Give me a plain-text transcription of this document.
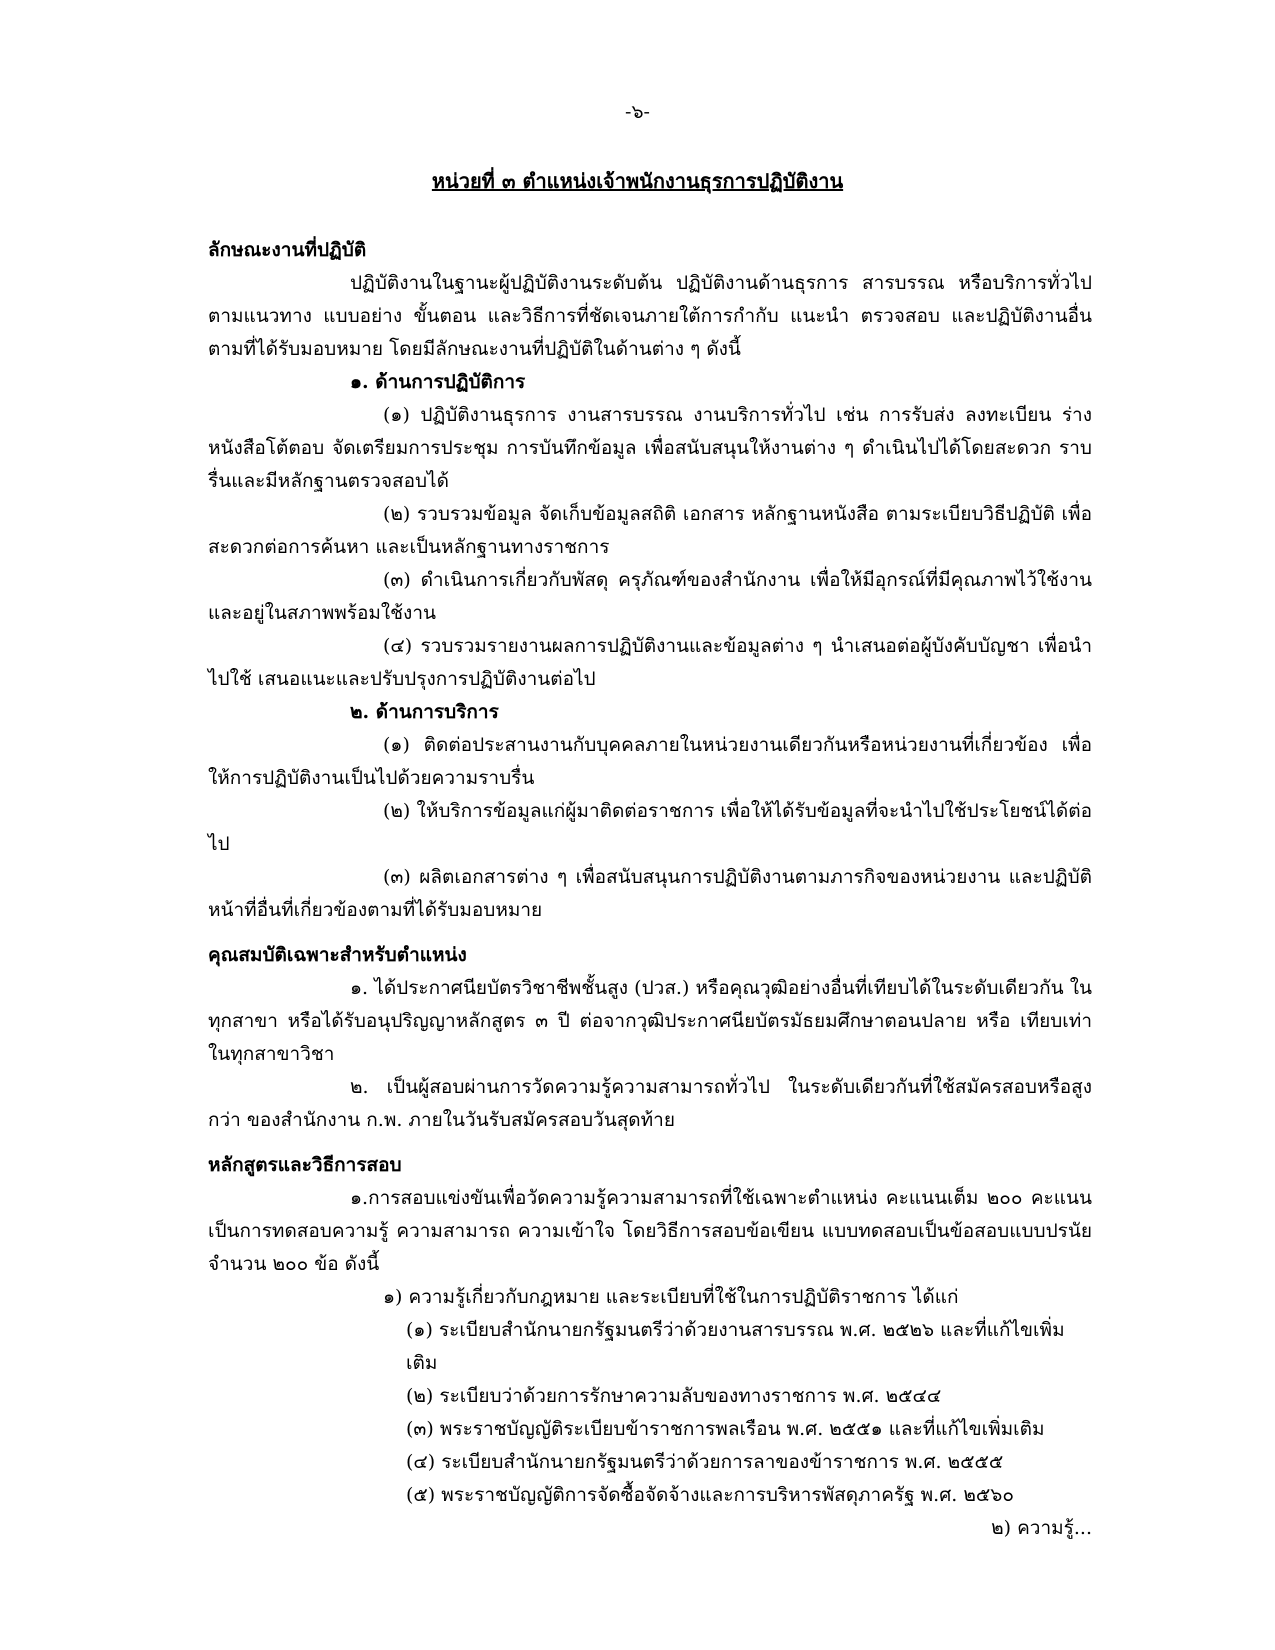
-๖-
หน่วยที่ ๓ ตำแหน่งเจ้าพนักงานธุรการปฏิบัติงาน

ลักษณะงานที่ปฏิบัติ

ปฏิบัติงานในฐานะผู้ปฏิบัติงานระดับต้น ปฏิบัติงานด้านธุรการ สารบรรณ หรือบริการทั่วไป ตามแนวทาง แบบอย่าง ขั้นตอน และวิธีการที่ชัดเจนภายใต้การกำกับ แนะนำ ตรวจสอบ และปฏิบัติงานอื่น ตามที่ได้รับมอบหมาย โดยมีลักษณะงานที่ปฏิบัติในด้านต่าง ๆ ดังนี้

๑. ด้านการปฏิบัติการ

(๑) ปฏิบัติงานธุรการ งานสารบรรณ งานบริการทั่วไป เช่น การรับส่ง ลงทะเบียน ร่างหนังสือโต้ตอบ จัดเตรียมการประชุม การบันทึกข้อมูล เพื่อสนับสนุนให้งานต่าง ๆ ดำเนินไปได้โดยสะดวก ราบรื่นและมีหลักฐานตรวจสอบได้

(๒) รวบรวมข้อมูล จัดเก็บข้อมูลสถิติ เอกสาร หลักฐานหนังสือ ตามระเบียบวิธีปฏิบัติ เพื่อสะดวกต่อการค้นหา และเป็นหลักฐานทางราชการ

(๓) ดำเนินการเกี่ยวกับพัสดุ ครุภัณฑ์ของสำนักงาน เพื่อให้มีอุกรณ์ที่มีคุณภาพไว้ใช้งาน และอยู่ในสภาพพร้อมใช้งาน

(๔) รวบรวมรายงานผลการปฏิบัติงานและข้อมูลต่าง ๆ นำเสนอต่อผู้บังคับบัญชา เพื่อนำไปใช้ เสนอแนะและปรับปรุงการปฏิบัติงานต่อไป

๒. ด้านการบริการ

(๑) ติดต่อประสานงานกับบุคคลภายในหน่วยงานเดียวกันหรือหน่วยงานที่เกี่ยวข้อง เพื่อให้การปฏิบัติงานเป็นไปด้วยความราบรื่น

(๒) ให้บริการข้อมูลแก่ผู้มาติดต่อราชการ เพื่อให้ได้รับข้อมูลที่จะนำไปใช้ประโยชน์ได้ต่อไป

(๓) ผลิตเอกสารต่าง ๆ เพื่อสนับสนุนการปฏิบัติงานตามภารกิจของหน่วยงาน และปฏิบัติ หน้าที่อื่นที่เกี่ยวข้องตามที่ได้รับมอบหมาย

คุณสมบัติเฉพาะสำหรับตำแหน่ง

๑. ได้ประกาศนียบัตรวิชาชีพชั้นสูง (ปวส.) หรือคุณวุฒิอย่างอื่นที่เทียบได้ในระดับเดียวกัน ในทุกสาขา หรือได้รับอนุปริญญาหลักสูตร ๓ ปี ต่อจากวุฒิประกาศนียบัตรมัธยมศึกษาตอนปลาย หรือ เทียบเท่าในทุกสาขาวิชา

๒. เป็นผู้สอบผ่านการวัดความรู้ความสามารถทั่วไป ในระดับเดียวกันที่ใช้สมัครสอบหรือสูงกว่า ของสำนักงาน ก.พ. ภายในวันรับสมัครสอบวันสุดท้าย

หลักสูตรและวิธีการสอบ

๑.การสอบแข่งขันเพื่อวัดความรู้ความสามารถที่ใช้เฉพาะตำแหน่ง คะแนนเต็ม ๒๐๐ คะแนน เป็นการทดสอบความรู้ ความสามารถ ความเข้าใจ โดยวิธีการสอบข้อเขียน แบบทดสอบเป็นข้อสอบแบบปรนัย จำนวน ๒๐๐ ข้อ ดังนี้

๑) ความรู้เกี่ยวกับกฎหมาย และระเบียบที่ใช้ในการปฏิบัติราชการ ได้แก่

(๑) ระเบียบสำนักนายกรัฐมนตรีว่าด้วยงานสารบรรณ พ.ศ. ๒๕๒๖ และที่แก้ไขเพิ่มเติม

(๒) ระเบียบว่าด้วยการรักษาความลับของทางราชการ พ.ศ. ๒๕๔๔

(๓) พระราชบัญญัติระเบียบข้าราชการพลเรือน พ.ศ. ๒๕๕๑ และที่แก้ไขเพิ่มเติม

(๔) ระเบียบสำนักนายกรัฐมนตรีว่าด้วยการลาของข้าราชการ พ.ศ. ๒๕๕๕

(๕) พระราชบัญญัติการจัดซื้อจัดจ้างและการบริหารพัสดุภาครัฐ พ.ศ. ๒๕๖๐

๒) ความรู้...
